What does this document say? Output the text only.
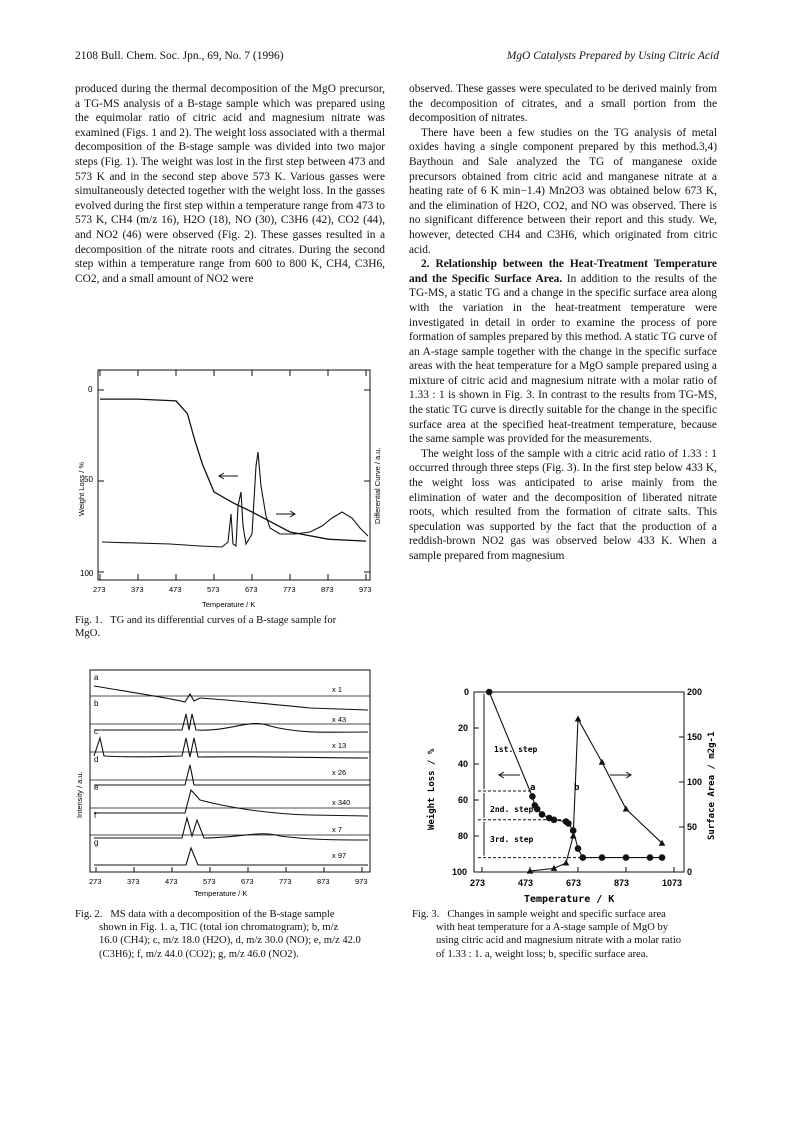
2108 Bull. Chem. Soc. Jpn., 69, No. 7 (1996)	MgO Catalysts Prepared by Using Citric Acid

produced during the thermal decomposition of the MgO precursor, a TG-MS analysis of a B-stage sample which was prepared using the equimolar ratio of citric acid and magnesium nitrate was examined (Figs. 1 and 2). The weight loss associated with a thermal decomposition of the B-stage sample was divided into two major steps (Fig. 1). The weight was lost in the first step between 473 and 573 K and in the second step above 573 K. Various gasses were simultaneously detected together with the weight loss. In the gasses evolved during the first step within a temperature range from 473 to 573 K, CH4 (m/z 16), H2O (18), NO (30), C3H6 (42), CO2 (44), and NO2 (46) were observed (Fig. 2). These gasses resulted in a decomposition of the nitrate roots and citrates. During the second step within a temperature range from 600 to 800 K, CH4, C3H6, CO2, and a small amount of NO2 were

observed. These gasses were speculated to be derived mainly from the decomposition of citrates, and a small portion from the decomposition of nitrates.

There have been a few studies on the TG analysis of metal oxides having a single component prepared by this method.3,4) Baythoun and Sale analyzed the TG of manganese oxide precursors obtained from citric acid and manganese nitrate at a heating rate of 6 K min−1.4) Mn2O3 was obtained below 673 K, and the elimination of H2O, CO2, and NO was observed. There is no significant difference between their report and this study. We, however, detected CH4 and C3H6, which originated from citric acid.

2. Relationship between the Heat-Treatment Temperature and the Specific Surface Area. In addition to the results of the TG-MS, a static TG and a change in the specific surface area along with the variation in the heat-treatment temperature were investigated in detail in order to examine the process of pore formation of samples prepared by this method. A static TG curve of an A-stage sample together with the change in the specific surface areas with the heat temperature for a MgO sample prepared using a mixture of citric acid and magnesium nitrate with a molar ratio of 1.33 : 1 is shown in Fig. 3. In contrast to the results from TG-MS, the static TG curve is directly suitable for the change in the specific surface area at the specified heat-treatment temperature, because the same sample was provided for the measurements.

The weight loss of the sample with a citric acid ratio of 1.33 : 1 occurred through three steps (Fig. 3). In the first step below 433 K, the weight loss was anticipated to arise mainly from the elimination of water and the decomposition of liberated nitrate roots, which resulted from the formation of citrate salts. This speculation was supported by the fact that the production of a reddish-brown NO2 gas was observed below 433 K. When a sample prepared from magnesium

0
50
100
Weight Loss / %	Differential Curve / a.u.
273	373	473	573	673	773	873	973
Temperature / K
Fig. 1. TG and its differential curves of a B-stage sample for
MgO.
273	373	473	573	673	773	873	973
Temperature / K
Intensity / a.u.
a
x 1
b
x 43
c
x 13
d
x 26
e
x 340
f
x 7
g
x 97
Fig. 2. MS data with a decomposition of the B-stage sample
shown in Fig. 1. a, TIC (total ion chromatogram); b, m/z
16.0 (CH4); c, m/z 18.0 (H2O), d, m/z 30.0 (NO); e, m/z 42.0
(C3H6); f, m/z 44.0 (CO2); g, m/z 46.0 (NO2).
0
20
40
60
80
100
200
150
100
50
0
273	473	673	873	1073
Temperature / K
Weight Loss / %	Surface Area / m2g-1
1st. step
2nd. step
3rd. step
a	b
Fig. 3. Changes in sample weight and specific surface area
with heat temperature for a A-stage sample of MgO by
using citric acid and magnesium nitrate with a molar ratio
of 1.33 : 1. a, weight loss; b, specific surface area.
